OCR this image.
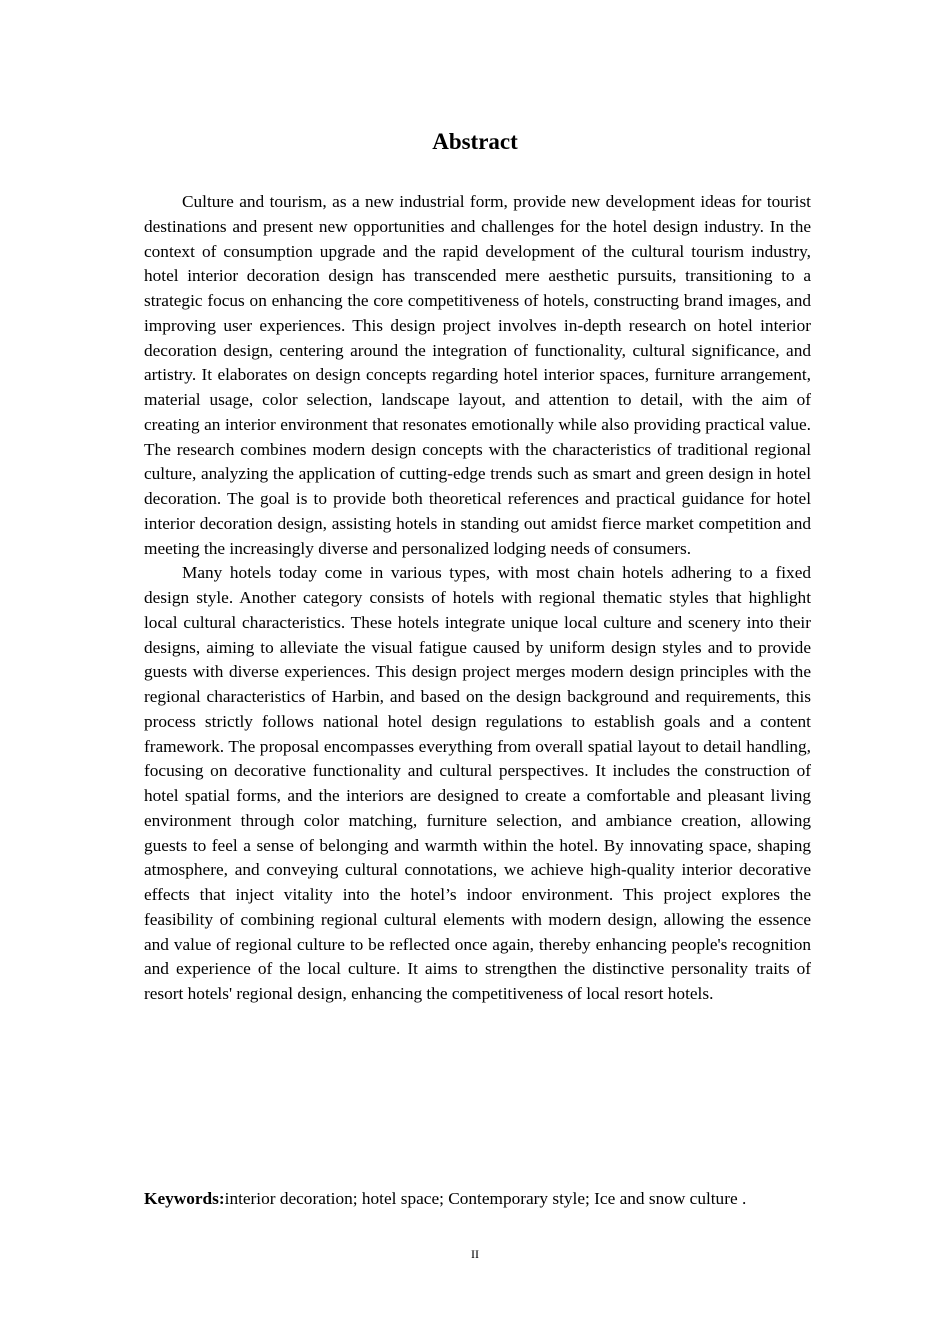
Abstract

Culture and tourism, as a new industrial form, provide new development ideas for tourist destinations and present new opportunities and challenges for the hotel design industry. In the context of consumption upgrade and the rapid development of the cultural tourism industry, hotel interior decoration design has transcended mere aesthetic pursuits, transitioning to a strategic focus on enhancing the core competitiveness of hotels, constructing brand images, and improving user experiences. This design project involves in-depth research on hotel interior decoration design, centering around the integration of functionality, cultural significance, and artistry. It elaborates on design concepts regarding hotel interior spaces, furniture arrangement, material usage, color selection, landscape layout, and attention to detail, with the aim of creating an interior environment that resonates emotionally while also providing practical value. The research combines modern design concepts with the characteristics of traditional regional culture, analyzing the application of cutting-edge trends such as smart and green design in hotel decoration. The goal is to provide both theoretical references and practical guidance for hotel interior decoration design, assisting hotels in standing out amidst fierce market competition and meeting the increasingly diverse and personalized lodging needs of consumers.

Many hotels today come in various types, with most chain hotels adhering to a fixed design style. Another category consists of hotels with regional thematic styles that highlight local cultural characteristics. These hotels integrate unique local culture and scenery into their designs, aiming to alleviate the visual fatigue caused by uniform design styles and to provide guests with diverse experiences. This design project merges modern design principles with the regional characteristics of Harbin, and based on the design background and requirements, this process strictly follows national hotel design regulations to establish goals and a content framework. The proposal encompasses everything from overall spatial layout to detail handling, focusing on decorative functionality and cultural perspectives. It includes the construction of hotel spatial forms, and the interiors are designed to create a comfortable and pleasant living environment through color matching, furniture selection, and ambiance creation, allowing guests to feel a sense of belonging and warmth within the hotel. By innovating space, shaping atmosphere, and conveying cultural connotations, we achieve high-quality interior decorative effects that inject vitality into the hotel’s indoor environment. This project explores the feasibility of combining regional cultural elements with modern design, allowing the essence and value of regional culture to be reflected once again, thereby enhancing people's recognition and experience of the local culture. It aims to strengthen the distinctive personality traits of resort hotels' regional design, enhancing the competitiveness of local resort hotels.

Keywords:interior decoration; hotel space; Contemporary style; Ice and snow culture .

II
